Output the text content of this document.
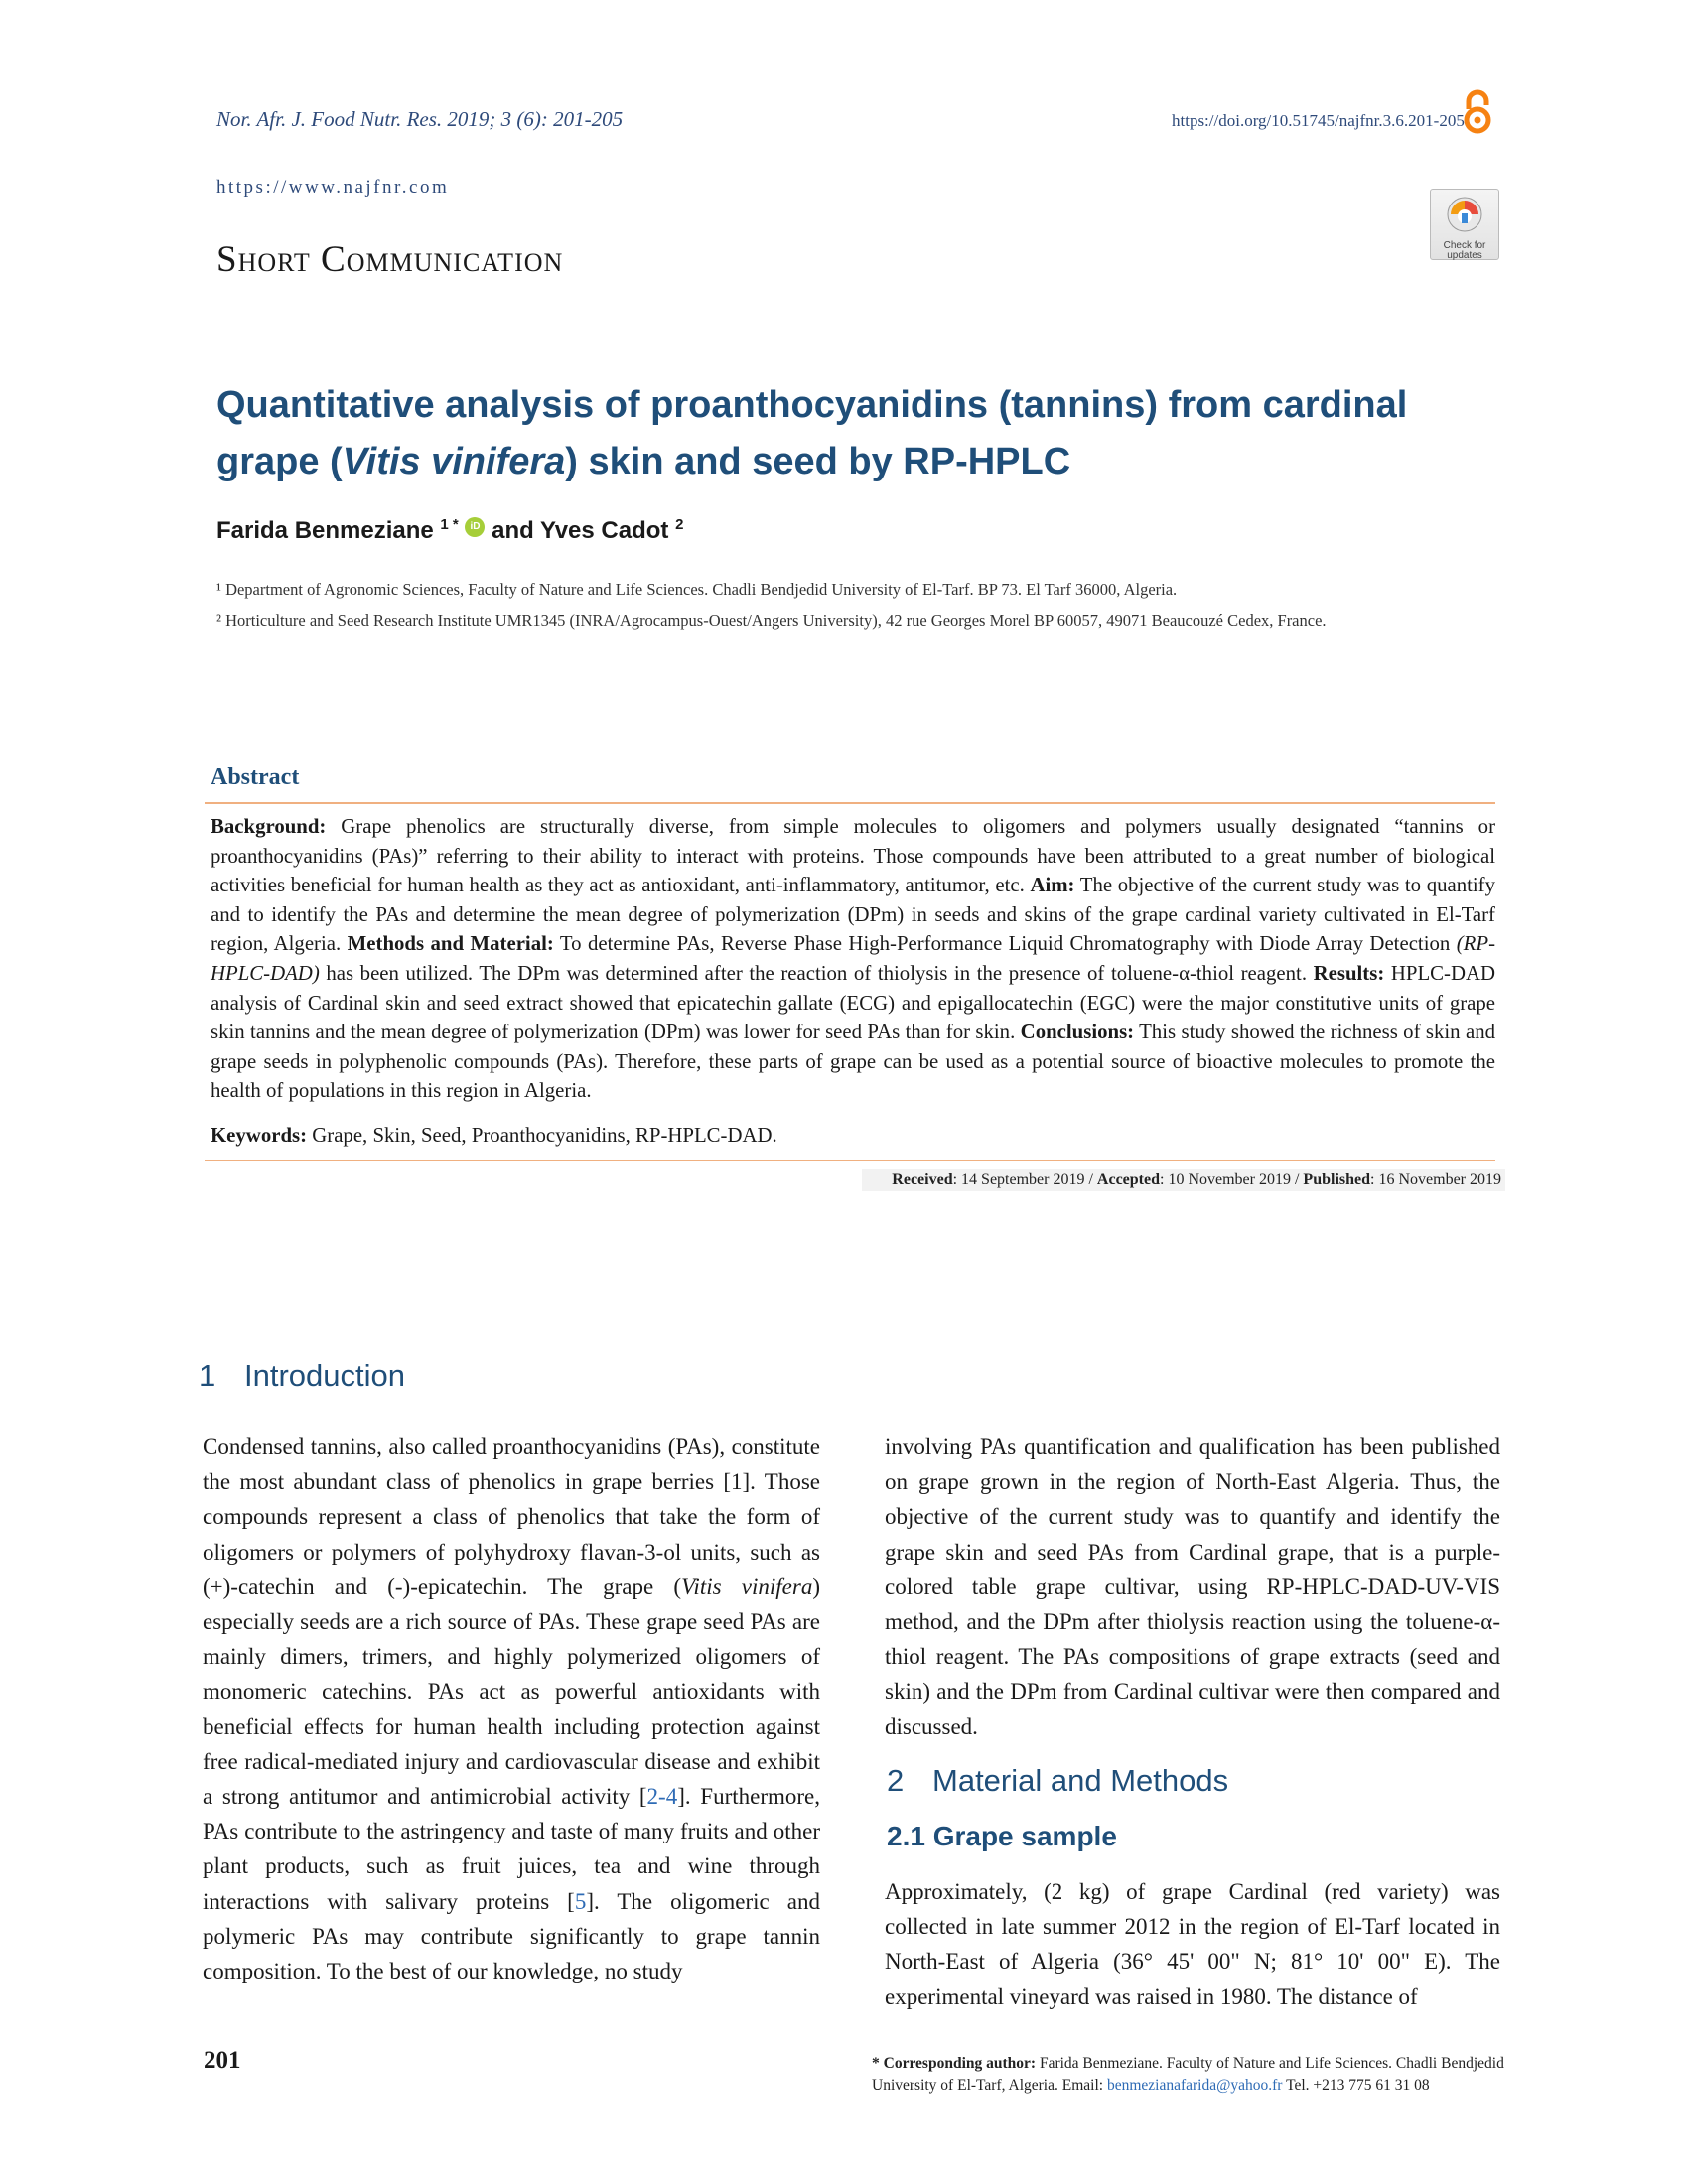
Nor. Afr. J. Food Nutr. Res. 2019; 3 (6): 201-205	https://doi.org/10.51745/najfnr.3.6.201-205
https://www.najfnr.com
Check for updates
Short Communication
Quantitative analysis of proanthocyanidins (tannins) from cardinal grape (Vitis vinifera) skin and seed by RP-HPLC
Farida Benmeziane $^{1 *}$ iD and Yves Cadot $^2$
¹ Department of Agronomic Sciences, Faculty of Nature and Life Sciences. Chadli Bendjedid University of El-Tarf. BP 73. El Tarf 36000, Algeria.
² Horticulture and Seed Research Institute UMR1345 (INRA/Agrocampus-Ouest/Angers University), 42 rue Georges Morel BP 60057, 49071 Beaucouzé Cedex, France.
Abstract
Background: Grape phenolics are structurally diverse, from simple molecules to oligomers and polymers usually designated “tannins or proanthocyanidins (PAs)” referring to their ability to interact with proteins. Those compounds have been attributed to a great number of biological activities beneficial for human health as they act as antioxidant, anti-inflammatory, antitumor, etc. Aim: The objective of the current study was to quantify and to identify the PAs and determine the mean degree of polymerization (DPm) in seeds and skins of the grape cardinal variety cultivated in El-Tarf region, Algeria. Methods and Material: To determine PAs, Reverse Phase High-Performance Liquid Chromatography with Diode Array Detection (RP-HPLC-DAD) has been utilized. The DPm was determined after the reaction of thiolysis in the presence of toluene-α-thiol reagent. Results: HPLC-DAD analysis of Cardinal skin and seed extract showed that epicatechin gallate (ECG) and epigallocatechin (EGC) were the major constitutive units of grape skin tannins and the mean degree of polymerization (DPm) was lower for seed PAs than for skin. Conclusions: This study showed the richness of skin and grape seeds in polyphenolic compounds (PAs). Therefore, these parts of grape can be used as a potential source of bioactive molecules to promote the health of populations in this region in Algeria.
Keywords: Grape, Skin, Seed, Proanthocyanidins, RP-HPLC-DAD.
Received: 14 September 2019 / Accepted: 10 November 2019 / Published: 16 November 2019
1 Introduction

Condensed tannins, also called proanthocyanidins (PAs), constitute the most abundant class of phenolics in grape berries [1]. Those compounds represent a class of phenolics that take the form of oligomers or polymers of polyhydroxy flavan-3-ol units, such as (+)-catechin and (-)-epicatechin. The grape (Vitis vinifera) especially seeds are a rich source of PAs. These grape seed PAs are mainly dimers, trimers, and highly polymerized oligomers of monomeric catechins. PAs act as powerful antioxidants with beneficial effects for human health including protection against free radical-mediated injury and cardiovascular disease and exhibit a strong antitumor and antimicrobial activity [2-4]. Furthermore, PAs contribute to the astringency and taste of many fruits and other plant products, such as fruit juices, tea and wine through interactions with salivary proteins [5]. The oligomeric and polymeric PAs may contribute significantly to grape tannin composition. To the best of our knowledge, no study

involving PAs quantification and qualification has been published on grape grown in the region of North-East Algeria. Thus, the objective of the current study was to quantify and identify the grape skin and seed PAs from Cardinal grape, that is a purple-colored table grape cultivar, using RP-HPLC-DAD-UV-VIS method, and the DPm after thiolysis reaction using the toluene-α-thiol reagent. The PAs compositions of grape extracts (seed and skin) and the DPm from Cardinal cultivar were then compared and discussed.
2 Material and Methods
2.1 Grape sample
Approximately, (2 kg) of grape Cardinal (red variety) was collected in late summer 2012 in the region of El-Tarf located in North-East of Algeria (36° 45' 00" N; 81° 10' 00" E). The experimental vineyard was raised in 1980. The distance of
201	* Corresponding author: Farida Benmeziane. Faculty of Nature and Life Sciences. Chadli Bendjedid University of El-Tarf, Algeria. Email: benmezianafarida@yahoo.fr Tel. +213 775 61 31 08
